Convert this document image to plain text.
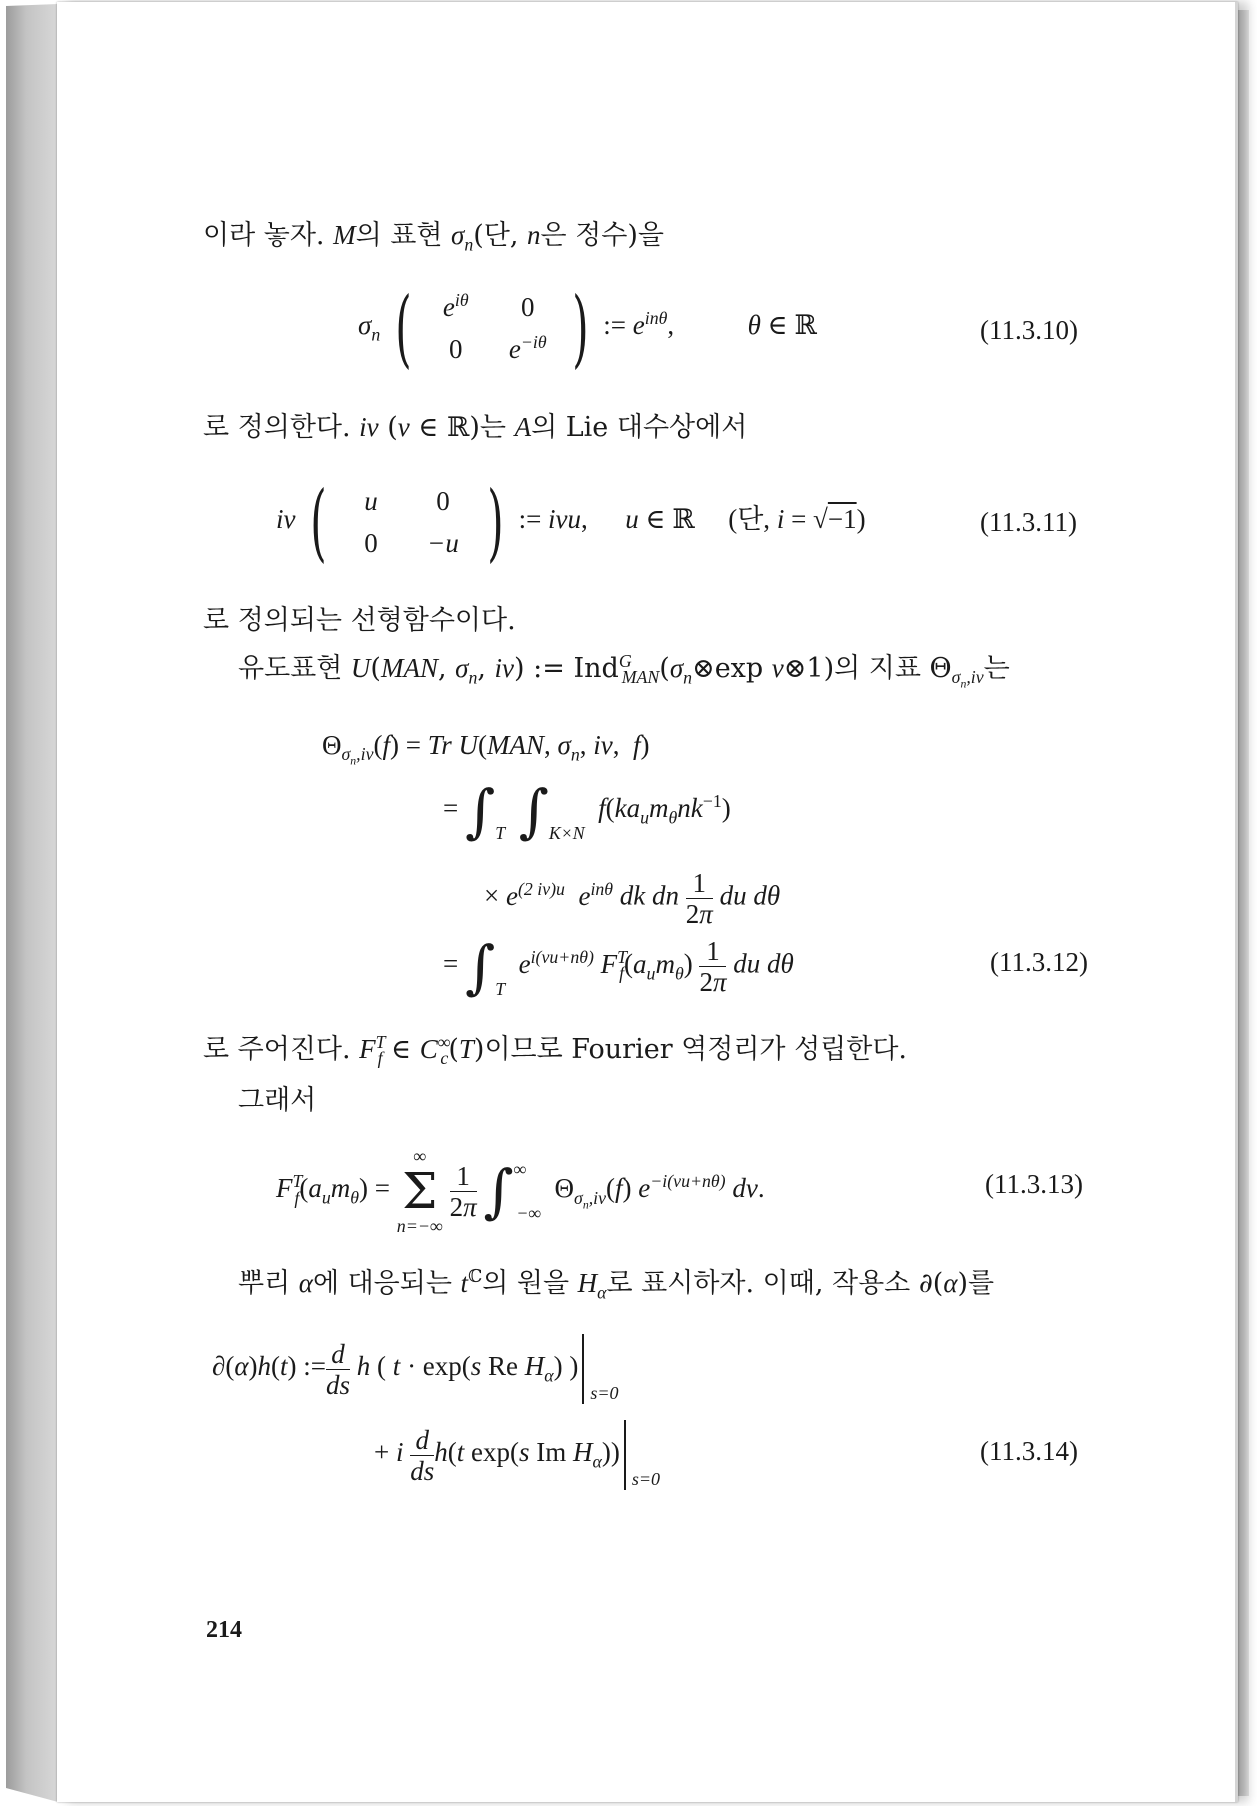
이라 놓자. M의 표현 $\sigma_n$(단, n은 정수)을
$\sigma_n$ (	$e^{i\theta}$	0
0	$e^{-i\theta}$ ) := $e^{in\theta}$,  θ ∈ ℝ	(11.3.10)
로 정의한다. iν (ν ∈ ℝ)는 A의 Lie 대수상에서
iν (	u	0
0	−u ) := iνu,  u ∈ ℝ (단, i = √−1)	(11.3.11)
로 정의되는 선형함수이다.
유도표현 U(MAN, $\sigma_n$, iν) := $Ind^G_{MAN}(\sigma_n\otimes\exp$ ν⊗1)의 지표 $\Theta_{\sigma_n,i\nu}$는
$\Theta_{\sigma_n,i\nu}(f) = Tr$ U(MAN, $\sigma_n$, iν,  f)
= $\int_T$ $\int_{K\times N}$  $f(ka_um_\theta nk^{-1})$
× $e^{(2 i\nu)u}$ $e^{in\theta}$ dk dn $\frac{1}{2\pi}$ du dθ
= $\int_T$  $e^{i(\nu u+n\theta)}$ $F^T_f(a_um_\theta) \frac{1}{2\pi}$ du dθ	(11.3.12)
로 주어진다. $F^T_f$ ∈ $C^\infty_c(T)$이므로 Fourier 역정리가 성립한다.
그래서
$F^T_f(a_um_\theta)$ =
∞
Σ
n=−∞

$\frac{1}{2\pi} \int^\infty_{-\infty}$  $\Theta_{\sigma_n,i\nu}(f)$ $e^{-i(\nu u+n\theta)}$ dν.	(11.3.13)
뿌리 α에 대응되는 $t^ℂ$의 원을 $H_\alpha$로 표시하자. 이때, 작용소 ∂(α)를
∂(α)h(t) := $\frac{d}{ds}$ h ( t · exp(s Re $H_\alpha$) )
s=0
+ i $\frac{d}{ds} h(t$ exp(s Im $H_\alpha$))
s=0
(11.3.14)
214
